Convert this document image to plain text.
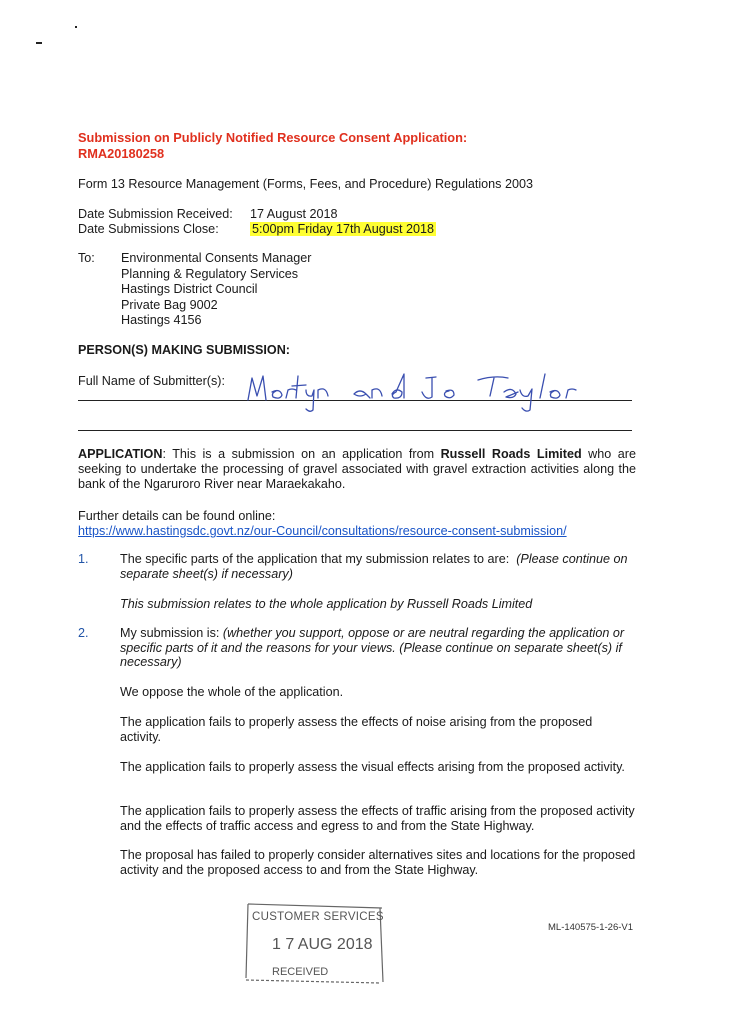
Submission on Publicly Notified Resource Consent Application:
RMA20180258
Form 13 Resource Management (Forms, Fees, and Procedure) Regulations 2003
Date Submission Received: 17 August 2018
Date Submissions Close:	5:00pm Friday 17th August 2018
To: Environmental Consents Manager
Planning & Regulatory Services
Hastings District Council
Private Bag 9002
Hastings 4156
PERSON(S) MAKING SUBMISSION:
Full Name of Submitter(s):
APPLICATION: This is a submission on an application from Russell Roads Limited who are seeking to undertake the processing of gravel associated with gravel extraction activities along the bank of the Ngaruroro River near Maraekakaho.
Further details can be found online:
https://www.hastingsdc.govt.nz/our-Council/consultations/resource-consent-submission/
1. The specific parts of the application that my submission relates to are: (Please continue on separate sheet(s) if necessary)
This submission relates to the whole application by Russell Roads Limited
2. My submission is: (whether you support, oppose or are neutral regarding the application or specific parts of it and the reasons for your views. (Please continue on separate sheet(s) if necessary)
We oppose the whole of the application.
The application fails to properly assess the effects of noise arising from the proposed activity.
The application fails to properly assess the visual effects arising from the proposed activity.
The application fails to properly assess the effects of traffic arising from the proposed activity and the effects of traffic access and egress to and from the State Highway.
The proposal has failed to properly consider alternatives sites and locations for the proposed activity and the proposed access to and from the State Highway.
CUSTOMER SERVICES
1 7 AUG 2018
RECEIVED
ML-140575-1-26-V1
